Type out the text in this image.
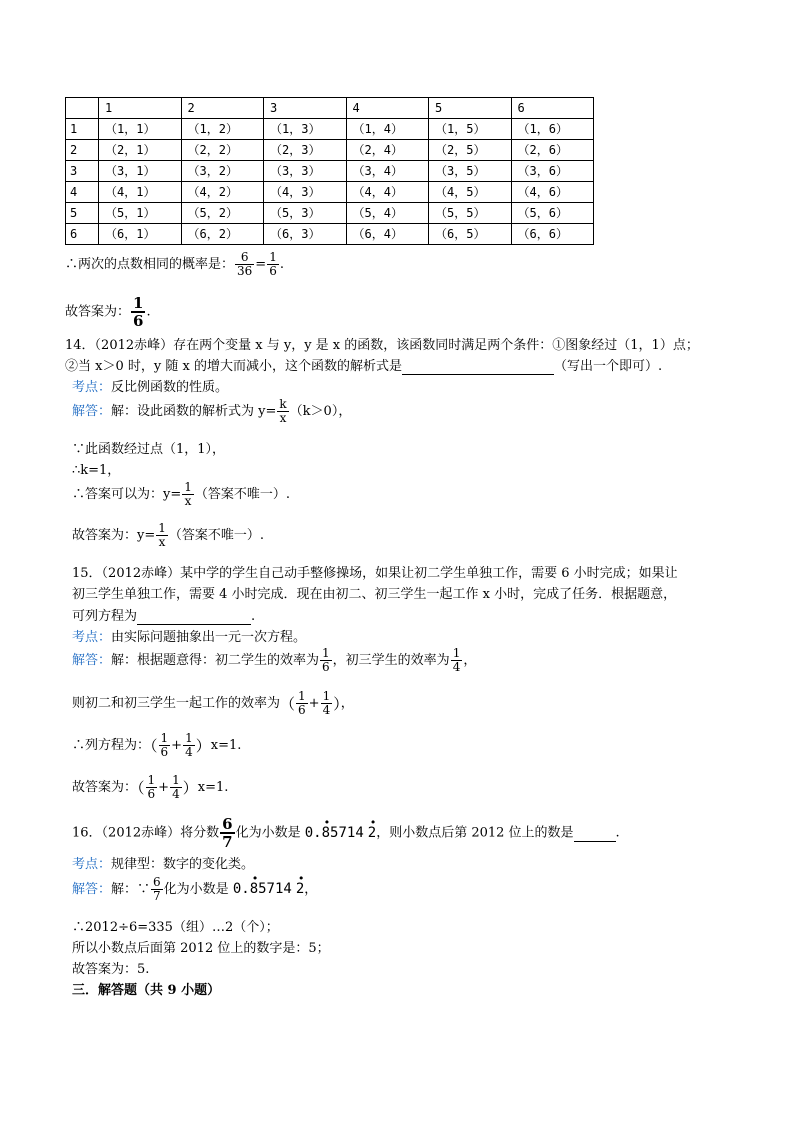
	1	2	3	4	5	6
1	（1，1）	（1，2）	（1，3）	（1，4）	（1，5）	（1，6）
2	（2，1）	（2，2）	（2，3）	（2，4）	（2，5）	（2，6）
3	（3，1）	（3，2）	（3，3）	（3，4）	（3，5）	（3，6）
4	（4，1）	（4，2）	（4，3）	（4，4）	（4，5）	（4，6）
5	（5，1）	（5，2）	（5，3）	（5，4）	（5，5）	（5，6）
6	（6，1）	（6，2）	（6，3）	（6，4）	（6，5）	（6，6）
∴两次的点数相同的概率是： $\frac{6}{36} = \frac{1}{6}$ .
故答案为： $\frac{1}{6}$ .
14．（2012赤峰）存在两个变量 x 与 y，y 是 x 的函数，该函数同时满足两个条件：①图象经过（1，1）点；
②当 x＞0 时，y 随 x 的增大而减小，这个函数的解析式是	（写出一个即可）.
考点：反比例函数的性质。
解答：解：设此函数的解析式为 $y= \frac{k}{x} (k>0)$，
∵此函数经过点（1，1），
∴k=1，
∴答案可以为：$y= \frac{1}{x}$ （答案不唯一）.
故答案为：$y= \frac{1}{x}$ （答案不唯一）.
15．（2012赤峰）某中学的学生自己动手整修操场，如果让初二学生单独工作，需要 6 小时完成；如果让
初三学生单独工作，需要 4 小时完成．现在由初二、初三学生一起工作 x 小时，完成了任务．根据题意，
可列方程为	.
考点：由实际问题抽象出一元一次方程。
解答：解：根据题意得：初二学生的效率为 $\frac{1}{6}$ ，初三学生的效率为 $\frac{1}{4}$ ，
则初二和初三学生一起工作的效率为（ $\frac{1}{6} + \frac{1}{4}$ ），
∴列方程为：（ $\frac{1}{6} + \frac{1}{4} )x=1$.
故答案为：（ $\frac{1}{6} + \frac{1}{4} )x=1$.
16．（2012赤峰）将分数 $\frac{6}{7}$ 化为小数是 0.
•
85714
•
2，则小数点后第 2012 位上的数是	.
考点：规律型：数字的变化类。
解答：解：∵ $\frac{6}{7}$ 化为小数是 0.
•
85714
•
2，
∴2012÷6=335（组）…2（个）；
所以小数点后面第 2012 位上的数字是：5；
故答案为：5.
三．解答题（共 9 小题）
